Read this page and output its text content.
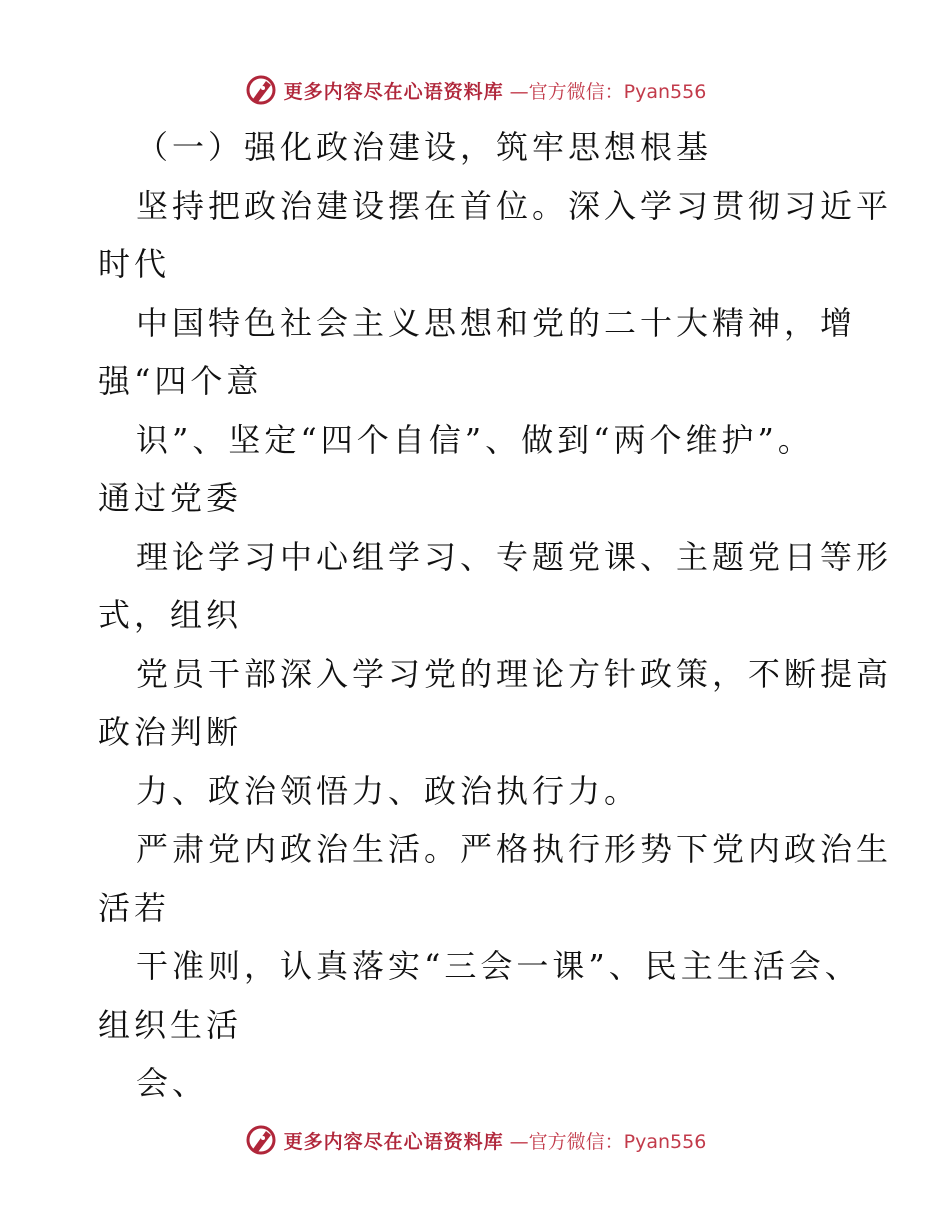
更多内容尽在心语资料库 —官方微信：Pyan556
（一）强化政治建设，筑牢思想根基
坚持把政治建设摆在首位。深入学习贯彻习近平
时代
中国特色社会主义思想和党的二十大精神，增
强“四个意
识”、坚定“四个自信”、做到“两个维护”。
通过党委
理论学习中心组学习、专题党课、主题党日等形
式，组织
党员干部深入学习党的理论方针政策，不断提高
政治判断
力、政治领悟力、政治执行力。
严肃党内政治生活。严格执行形势下党内政治生
活若
干准则，认真落实“三会一课”、民主生活会、
组织生活
会、
更多内容尽在心语资料库 —官方微信：Pyan556
